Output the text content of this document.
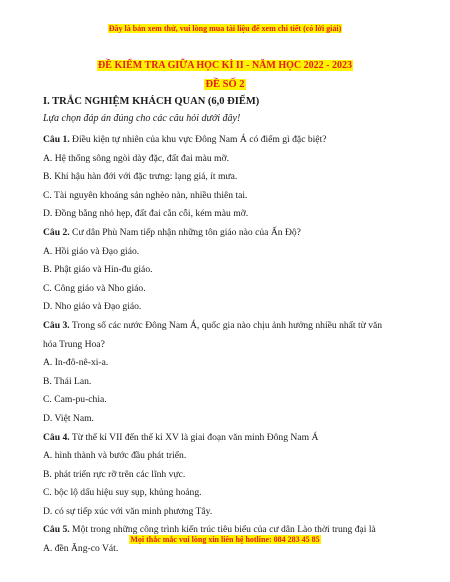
Đây là bản xem thử, vui lòng mua tài liệu để xem chi tiết (có lời giải)
ĐỀ KIỂM TRA GIỮA HỌC KÌ II - NĂM HỌC 2022 - 2023
ĐỀ SỐ 2
I. TRẮC NGHIỆM KHÁCH QUAN (6,0 ĐIỂM)
Lựa chọn đáp án đúng cho các câu hỏi dưới đây!
Câu 1. Điều kiện tự nhiên của khu vực Đông Nam Á có điểm gì đặc biệt?
A. Hệ thống sông ngòi dày đặc, đất đai màu mỡ.
B. Khí hậu hàn đới với đặc trưng: lạng giá, ít mưa.
C. Tài nguyên khoáng sản nghèo nàn, nhiều thiên tai.
D. Đồng bằng nhỏ hẹp, đất đai cằn cỗi, kém màu mỡ.
Câu 2. Cư dân Phù Nam tiếp nhận những tôn giáo nào của Ấn Độ?
A. Hồi giáo và Đạo giáo.
B. Phật giáo và Hin-đu giáo.
C. Công giáo và Nho giáo.
D. Nho giáo và Đạo giáo.
Câu 3. Trong số các nước Đông Nam Á, quốc gia nào chịu ảnh hưởng nhiều nhất từ văn
hóa Trung Hoa?
A. In-đô-nê-xi-a.
B. Thái Lan.
C. Cam-pu-chia.
D. Việt Nam.
Câu 4. Từ thế kỉ VII đến thế kỉ XV là giai đoạn văn minh Đông Nam Á
A. hình thành và bước đầu phát triển.
B. phát triển rực rỡ trên các lĩnh vực.
C. bộc lộ dấu hiệu suy sụp, khủng hoảng.
D. có sự tiếp xúc với văn minh phương Tây.
Câu 5. Một trong những công trình kiến trúc tiêu biểu của cư dân Lào thời trung đại là
A. đền Ăng-co Vát.
Mọi thắc mắc vui lòng xin liên hệ hotline: 084 283 45 85
